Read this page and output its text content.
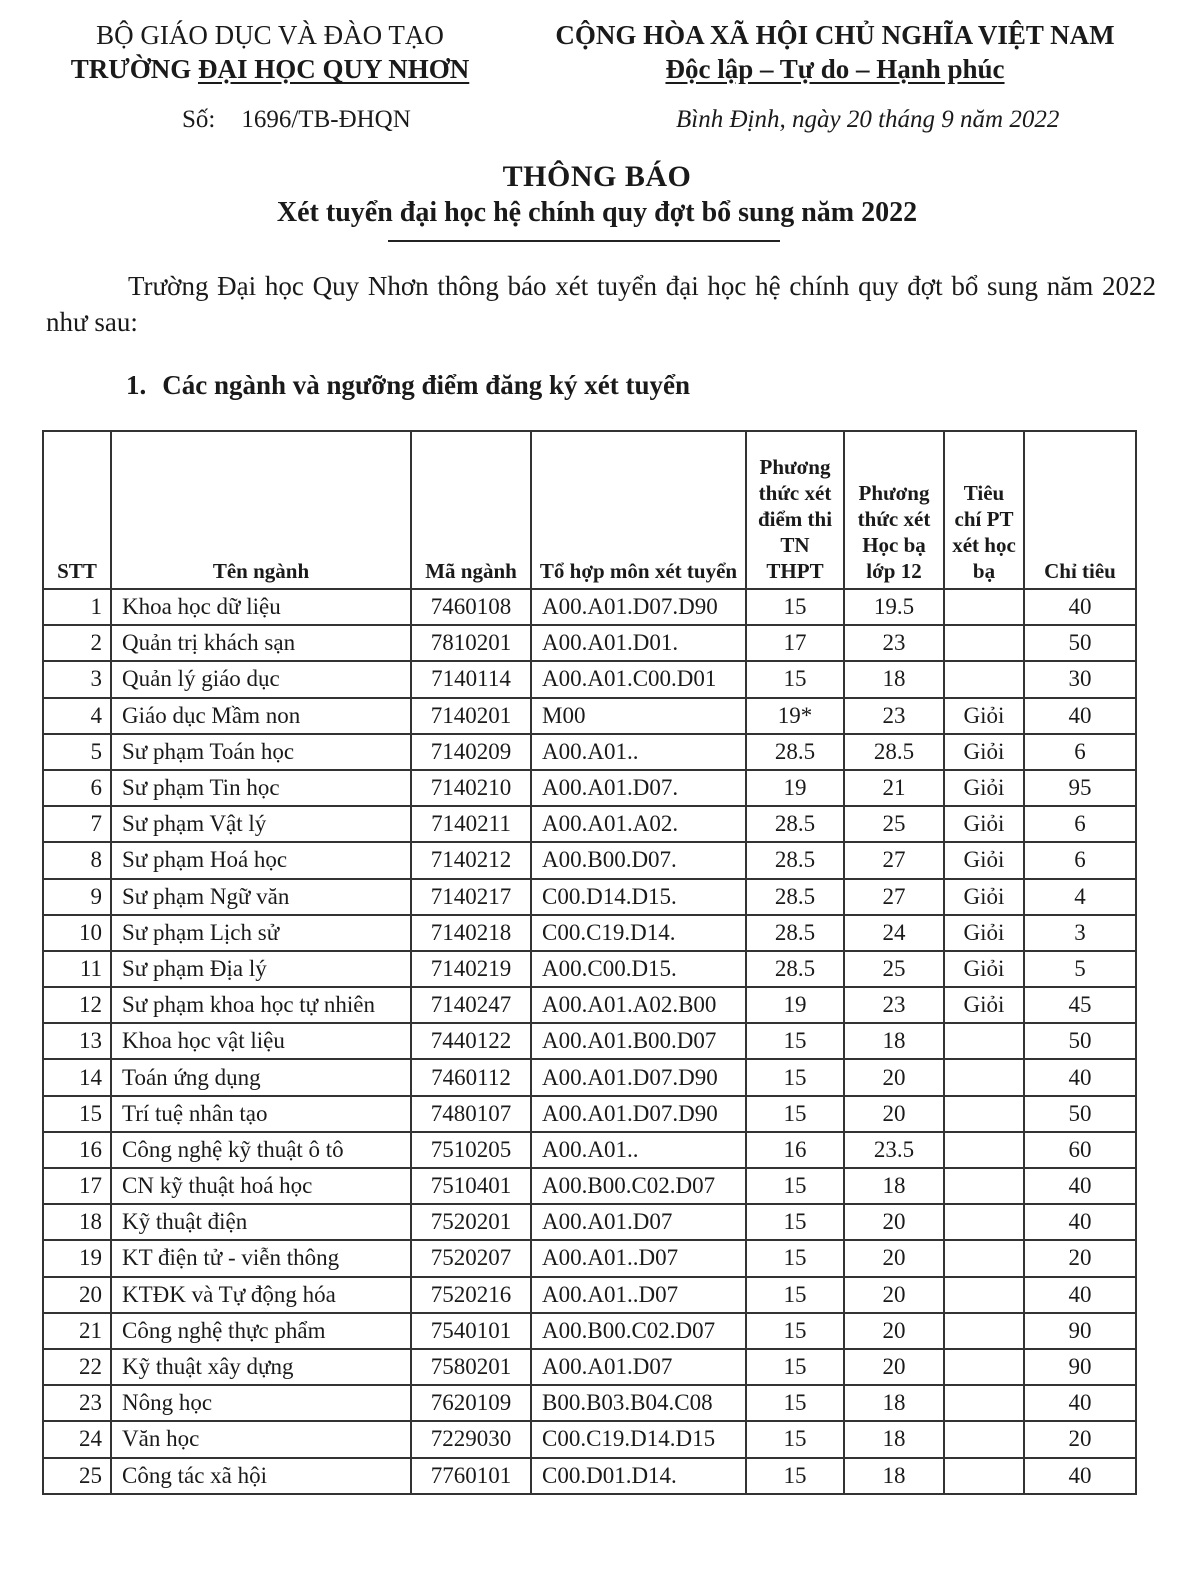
BỘ GIÁO DỤC VÀ ĐÀO TẠO
TRƯỜNG ĐẠI HỌC QUY NHƠN
CỘNG HÒA XÃ HỘI CHỦ NGHĨA VIỆT NAM
Độc lập – Tự do – Hạnh phúc
Số: 1696/TB-ĐHQN	Bình Định, ngày 20 tháng 9 năm 2022
THÔNG BÁO
Xét tuyển đại học hệ chính quy đợt bổ sung năm 2022
Trường Đại học Quy Nhơn thông báo xét tuyển đại học hệ chính quy đợt bổ sung năm 2022 như sau:
1. Các ngành và ngưỡng điểm đăng ký xét tuyển
STT	Tên ngành	Mã ngành	Tổ hợp môn xét tuyển	Phương thức xét điểm thi TN THPT	Phương thức xét Học bạ lớp 12	Tiêu chí PT xét học bạ	Chỉ tiêu
1	Khoa học dữ liệu	7460108	A00.A01.D07.D90	15	19.5		40
2	Quản trị khách sạn	7810201	A00.A01.D01.	17	23		50
3	Quản lý giáo dục	7140114	A00.A01.C00.D01	15	18		30
4	Giáo dục Mầm non	7140201	M00	19*	23	Giỏi	40
5	Sư phạm Toán học	7140209	A00.A01..	28.5	28.5	Giỏi	6
6	Sư phạm Tin học	7140210	A00.A01.D07.	19	21	Giỏi	95
7	Sư phạm Vật lý	7140211	A00.A01.A02.	28.5	25	Giỏi	6
8	Sư phạm Hoá học	7140212	A00.B00.D07.	28.5	27	Giỏi	6
9	Sư phạm Ngữ văn	7140217	C00.D14.D15.	28.5	27	Giỏi	4
10	Sư phạm Lịch sử	7140218	C00.C19.D14.	28.5	24	Giỏi	3
11	Sư phạm Địa lý	7140219	A00.C00.D15.	28.5	25	Giỏi	5
12	Sư phạm khoa học tự nhiên	7140247	A00.A01.A02.B00	19	23	Giỏi	45
13	Khoa học vật liệu	7440122	A00.A01.B00.D07	15	18		50
14	Toán ứng dụng	7460112	A00.A01.D07.D90	15	20		40
15	Trí tuệ nhân tạo	7480107	A00.A01.D07.D90	15	20		50
16	Công nghệ kỹ thuật ô tô	7510205	A00.A01..	16	23.5		60
17	CN kỹ thuật hoá học	7510401	A00.B00.C02.D07	15	18		40
18	Kỹ thuật điện	7520201	A00.A01.D07	15	20		40
19	KT điện tử - viễn thông	7520207	A00.A01..D07	15	20		20
20	KTĐK và Tự động hóa	7520216	A00.A01..D07	15	20		40
21	Công nghệ thực phẩm	7540101	A00.B00.C02.D07	15	20		90
22	Kỹ thuật xây dựng	7580201	A00.A01.D07	15	20		90
23	Nông học	7620109	B00.B03.B04.C08	15	18		40
24	Văn học	7229030	C00.C19.D14.D15	15	18		20
25	Công tác xã hội	7760101	C00.D01.D14.	15	18		40
